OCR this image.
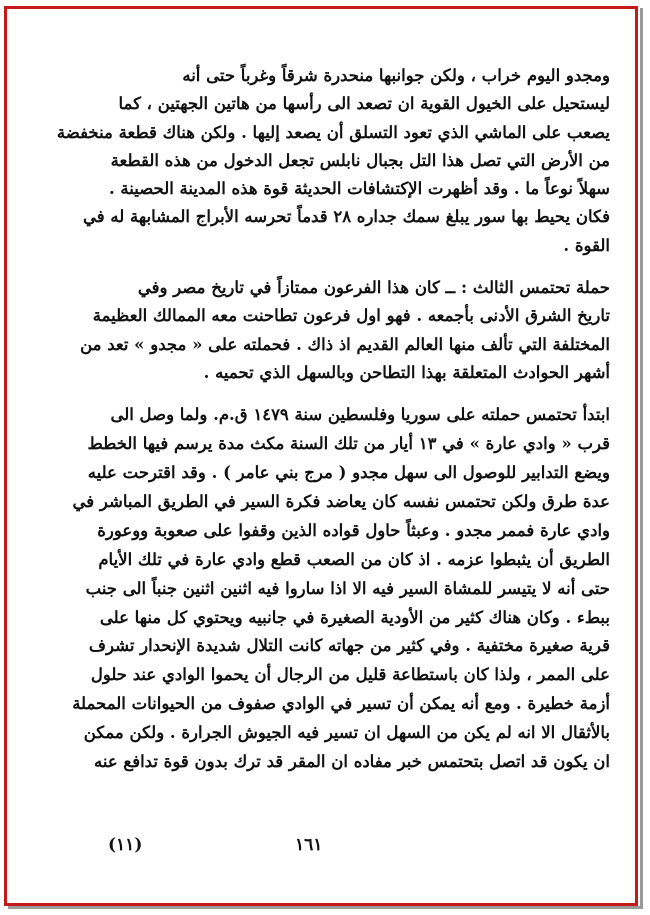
ومجدو اليوم خراب ، ولكن جوانبها منحدرة شرقاً وغرباً حتى أنه

ليستحيل على الخيول القوية ان تصعد الى رأسها من هاتين الجهتين ، كما

يصعب على الماشي الذي تعود التسلق أن يصعد إليها . ولكن هناك قطعة منخفضة

من الأرض التي تصل هذا التل بجبال نابلس تجعل الدخول من هذه القطعة

سهلاً نوعاً ما . وقد أظهرت الإكتشافات الحديثة قوة هذه المدينة الحصينة .

فكان يحيط بها سور يبلغ سمك جداره ٢٨ قدماً تحرسه الأبراج المشابهة له في

القوة .

حملة تحتمس الثالث : ــ كان هذا الفرعون ممتازاً في تاريخ مصر وفي

تاريخ الشرق الأدنى بأجمعه . فهو اول فرعون تطاحنت معه الممالك العظيمة

المختلفة التي تألف منها العالم القديم اذ ذاك . فحملته على « مجدو » تعد من

أشهر الحوادث المتعلقة بهذا التطاحن وبالسهل الذي تحميه .

ابتدأ تحتمس حملته على سوريا وفلسطين سنة ١٤٧٩ ق.م. ولما وصل الى

قرب « وادي عارة » في ١٣ أيار من تلك السنة مكث مدة يرسم فيها الخطط

ويضع التدابير للوصول الى سهل مجدو ( مرج بني عامر ) . وقد اقترحت عليه

عدة طرق ولكن تحتمس نفسه كان يعاضد فكرة السير في الطريق المباشر في

وادي عارة فممر مجدو . وعبثاً حاول قواده الذين وقفوا على صعوبة ووعورة

الطريق أن يثبطوا عزمه . اذ كان من الصعب قطع وادي عارة في تلك الأيام

حتى أنه لا يتيسر للمشاة السير فيه الا اذا ساروا فيه اثنين اثنين جنباً الى جنب

ببطء . وكان هناك كثير من الأودية الصغيرة في جانبيه ويحتوي كل منها على

قرية صغيرة مختفية . وفي كثير من جهاته كانت التلال شديدة الإنحدار تشرف

على الممر ، ولذا كان باستطاعة قليل من الرجال أن يحموا الوادي عند حلول

أزمة خطيرة . ومع أنه يمكن أن تسير في الوادي صفوف من الحيوانات المحملة

بالأثقال الا انه لم يكن من السهل ان تسير فيه الجيوش الجرارة . ولكن ممكن

ان يكون قد اتصل بتحتمس خبر مفاده ان المقر قد ترك بدون قوة تدافع عنه

١٦١
(١١)
